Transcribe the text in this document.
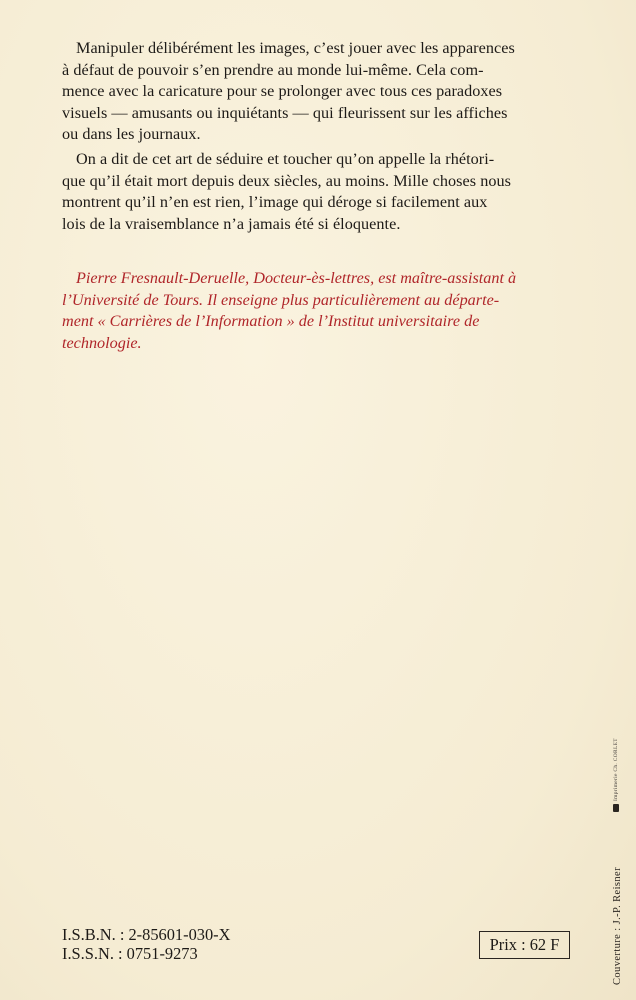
Manipuler délibérément les images, c’est jouer avec les apparences
à défaut de pouvoir s’en prendre au monde lui-même. Cela com-
mence avec la caricature pour se prolonger avec tous ces paradoxes
visuels — amusants ou inquiétants — qui fleurissent sur les affiches
ou dans les journaux.

On a dit de cet art de séduire et toucher qu’on appelle la rhétori-
que qu’il était mort depuis deux siècles, au moins. Mille choses nous
montrent qu’il n’en est rien, l’image qui déroge si facilement aux
lois de la vraisemblance n’a jamais été si éloquente.

Pierre Fresnault-Deruelle, Docteur-ès-lettres, est maître-assistant à
l’Université de Tours. Il enseigne plus particulièrement au départe-
ment « Carrières de l’Information » de l’Institut universitaire de
technologie.

I.S.B.N. : 2-85601-030-X
I.S.S.N. : 0751-9273	Prix : 62 F
Imprimerie Ch. CORLET
Couverture : J.-P. Reisner
